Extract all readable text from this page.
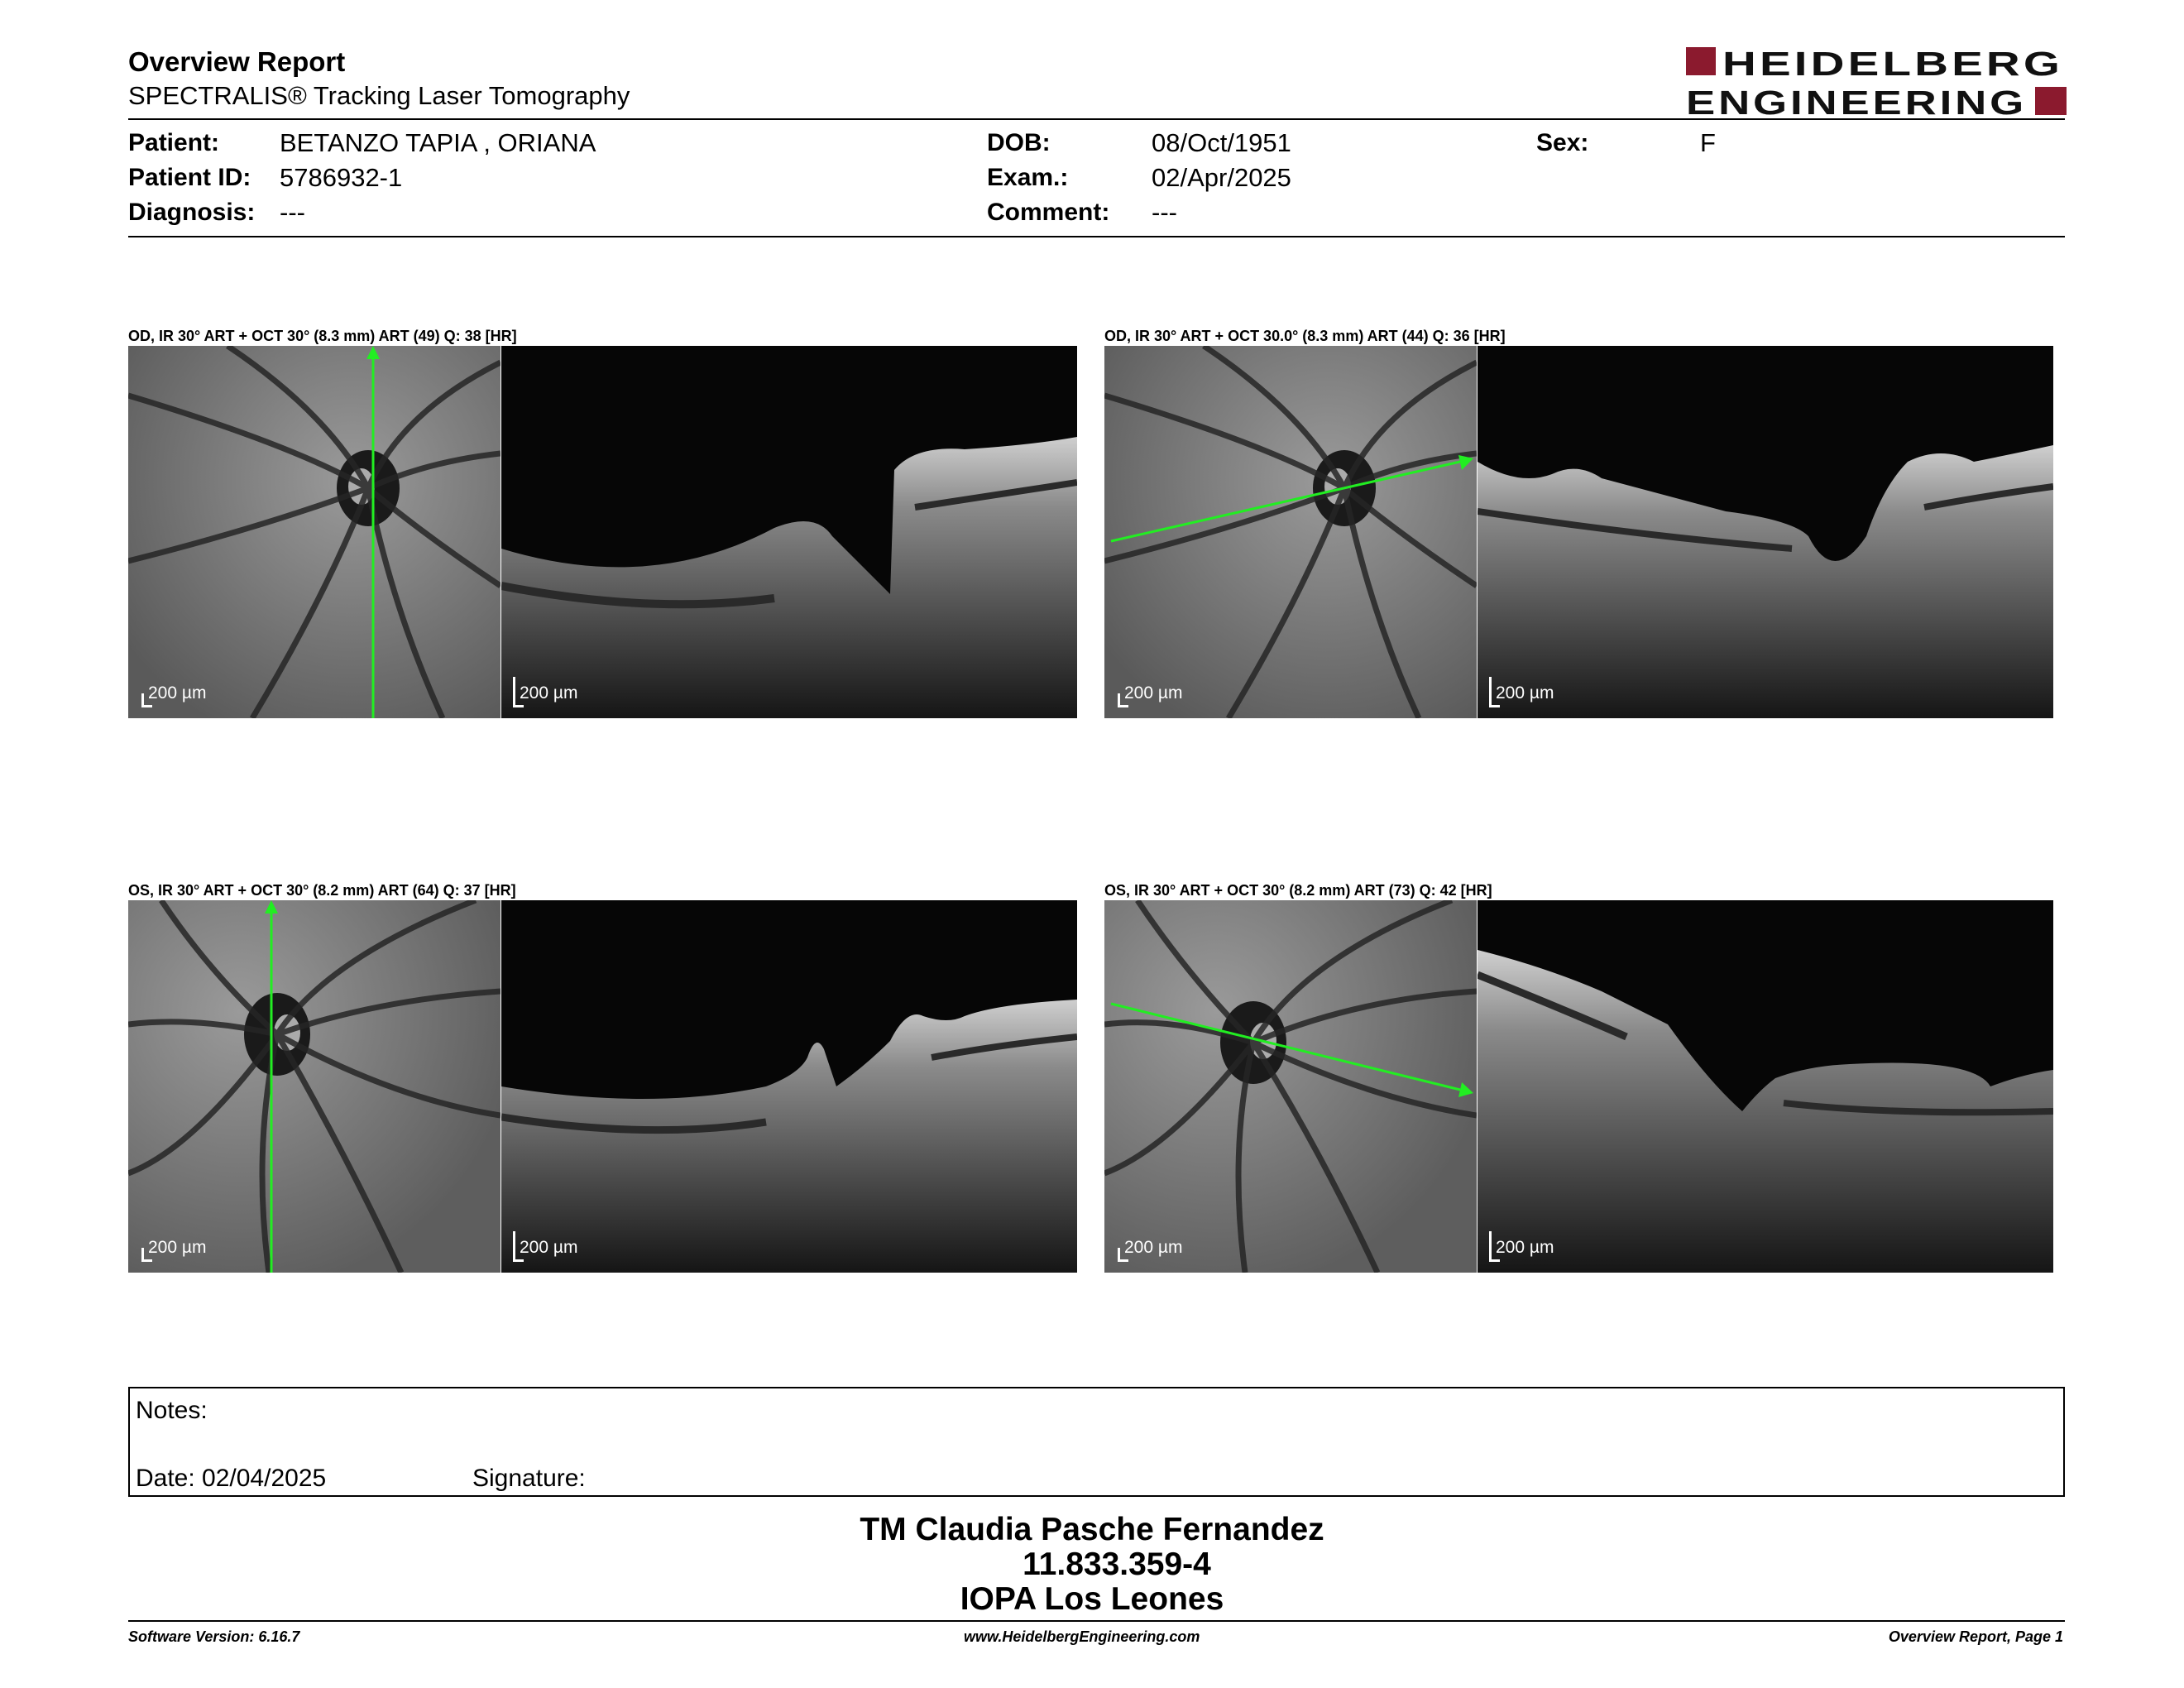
Overview Report
SPECTRALIS® Tracking Laser Tomography
HEIDELBERG
ENGINEERING
Patient: BETANZO TAPIA , ORIANA
Patient ID: 5786932-1
Diagnosis: ---
DOB:	08/Oct/1951
Exam.:	02/Apr/2025
Comment: ---
Sex:	F
OD, IR 30° ART + OCT 30° (8.3 mm) ART (49) Q: 38 [HR]
200 µm	200 µm
OD, IR 30° ART + OCT 30.0° (8.3 mm) ART (44) Q: 36 [HR]
200 µm	200 µm
OS, IR 30° ART + OCT 30° (8.2 mm) ART (64) Q: 37 [HR]
200 µm	200 µm
OS, IR 30° ART + OCT 30° (8.2 mm) ART (73) Q: 42 [HR]
200 µm	200 µm
Notes:
Date: 02/04/2025	Signature:
TM Claudia Pasche Fernandez
11.833.359-4
IOPA Los Leones
Software Version: 6.16.7	www.HeidelbergEngineering.com	Overview Report, Page 1
